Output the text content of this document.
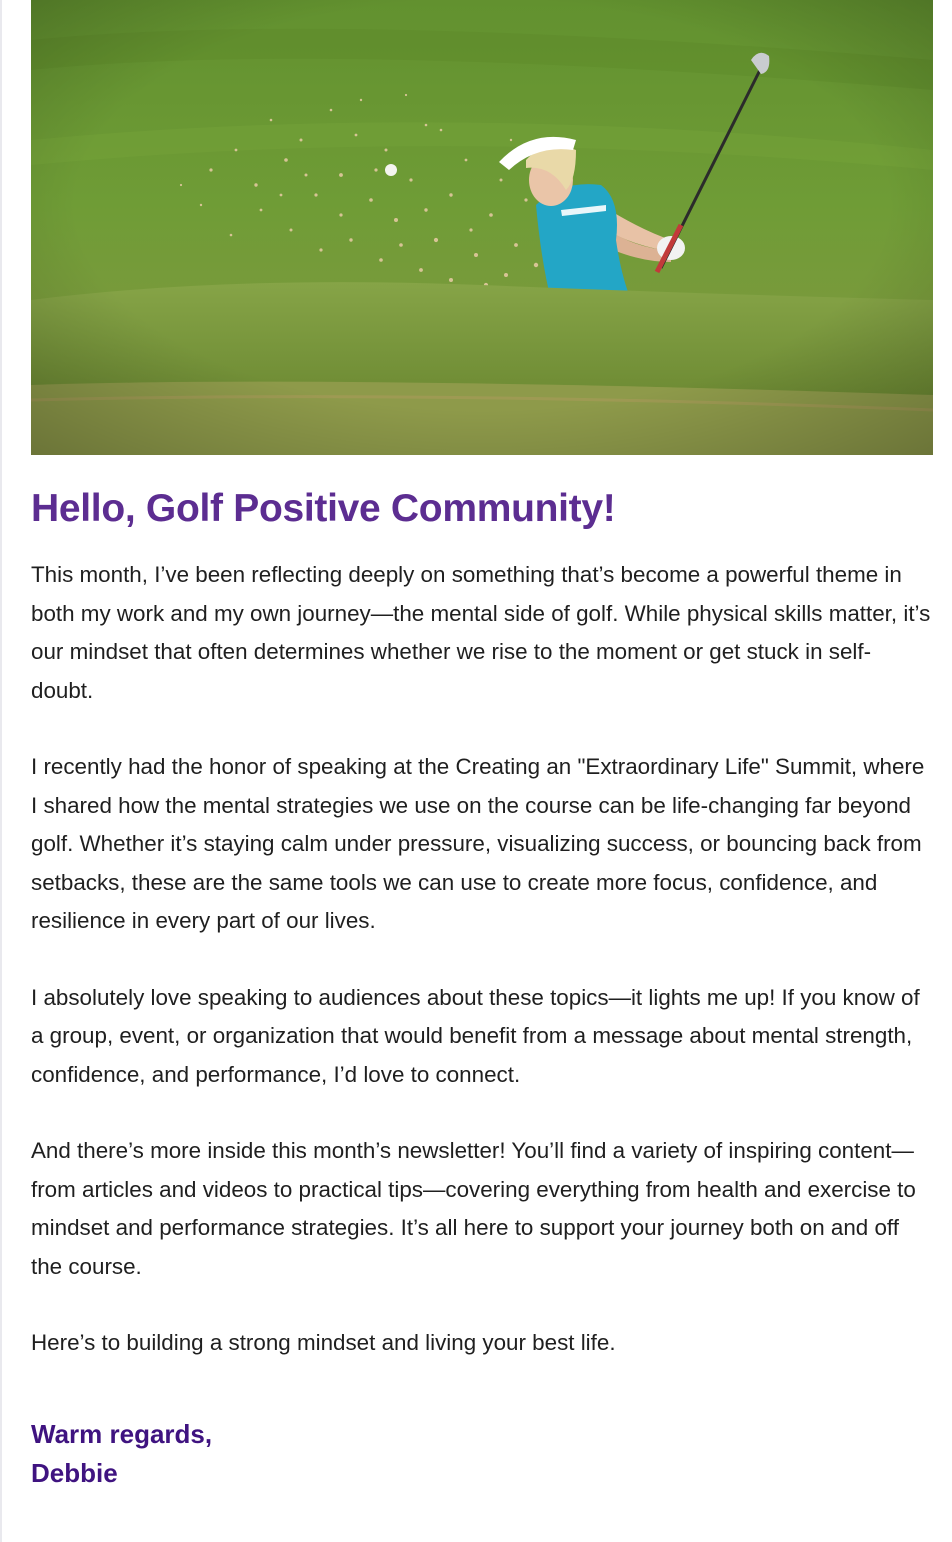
Hello, Golf Positive Community!

This month, I’ve been reflecting deeply on something that’s become a powerful theme in both my work and my own journey—the mental side of golf. While physical skills matter, it’s our mindset that often determines whether we rise to the moment or get stuck in self-doubt.

I recently had the honor of speaking at the Creating an "Extraordinary Life" Summit, where I shared how the mental strategies we use on the course can be life-changing far beyond golf. Whether it’s staying calm under pressure, visualizing success, or bouncing back from setbacks, these are the same tools we can use to create more focus, confidence, and resilience in every part of our lives.

I absolutely love speaking to audiences about these topics—it lights me up! If you know of a group, event, or organization that would benefit from a message about mental strength, confidence, and performance, I’d love to connect.

And there’s more inside this month’s newsletter! You’ll find a variety of inspiring content—from articles and videos to practical tips—covering everything from health and exercise to mindset and performance strategies. It’s all here to support your journey both on and off the course.

Here’s to building a strong mindset and living your best life.

Warm regards,
Debbie
